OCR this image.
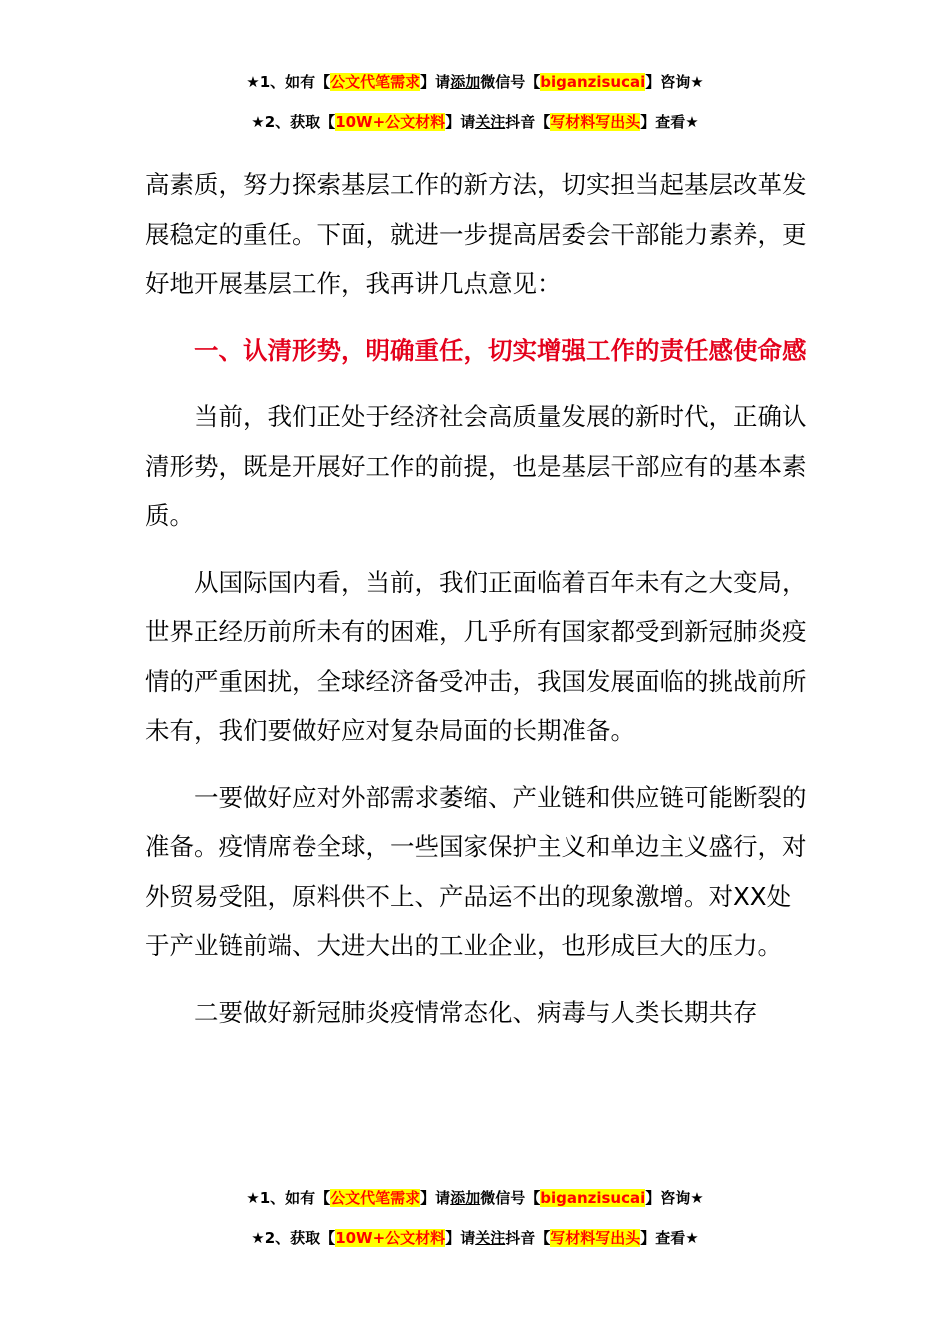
★1、如有【公文代笔需求】请添加微信号【biganzisucai】咨询★
★2、获取【10W+公文材料】请关注抖音【写材料写出头】查看★

高素质，努力探索基层工作的新方法，切实担当起基层改革发展稳定的重任。下面，就进一步提高居委会干部能力素养，更好地开展基层工作，我再讲几点意见：

一、认清形势，明确重任，切实增强工作的责任感使命感

当前，我们正处于经济社会高质量发展的新时代，正确认清形势，既是开展好工作的前提，也是基层干部应有的基本素质。

从国际国内看，当前，我们正面临着百年未有之大变局，世界正经历前所未有的困难，几乎所有国家都受到新冠肺炎疫情的严重困扰，全球经济备受冲击，我国发展面临的挑战前所未有，我们要做好应对复杂局面的长期准备。

一要做好应对外部需求萎缩、产业链和供应链可能断裂的准备。疫情席卷全球，一些国家保护主义和单边主义盛行，对外贸易受阻，原料供不上、产品运不出的现象激增。对XX处于产业链前端、大进大出的工业企业，也形成巨大的压力。

二要做好新冠肺炎疫情常态化、病毒与人类长期共存

★1、如有【公文代笔需求】请添加微信号【biganzisucai】咨询★
★2、获取【10W+公文材料】请关注抖音【写材料写出头】查看★
